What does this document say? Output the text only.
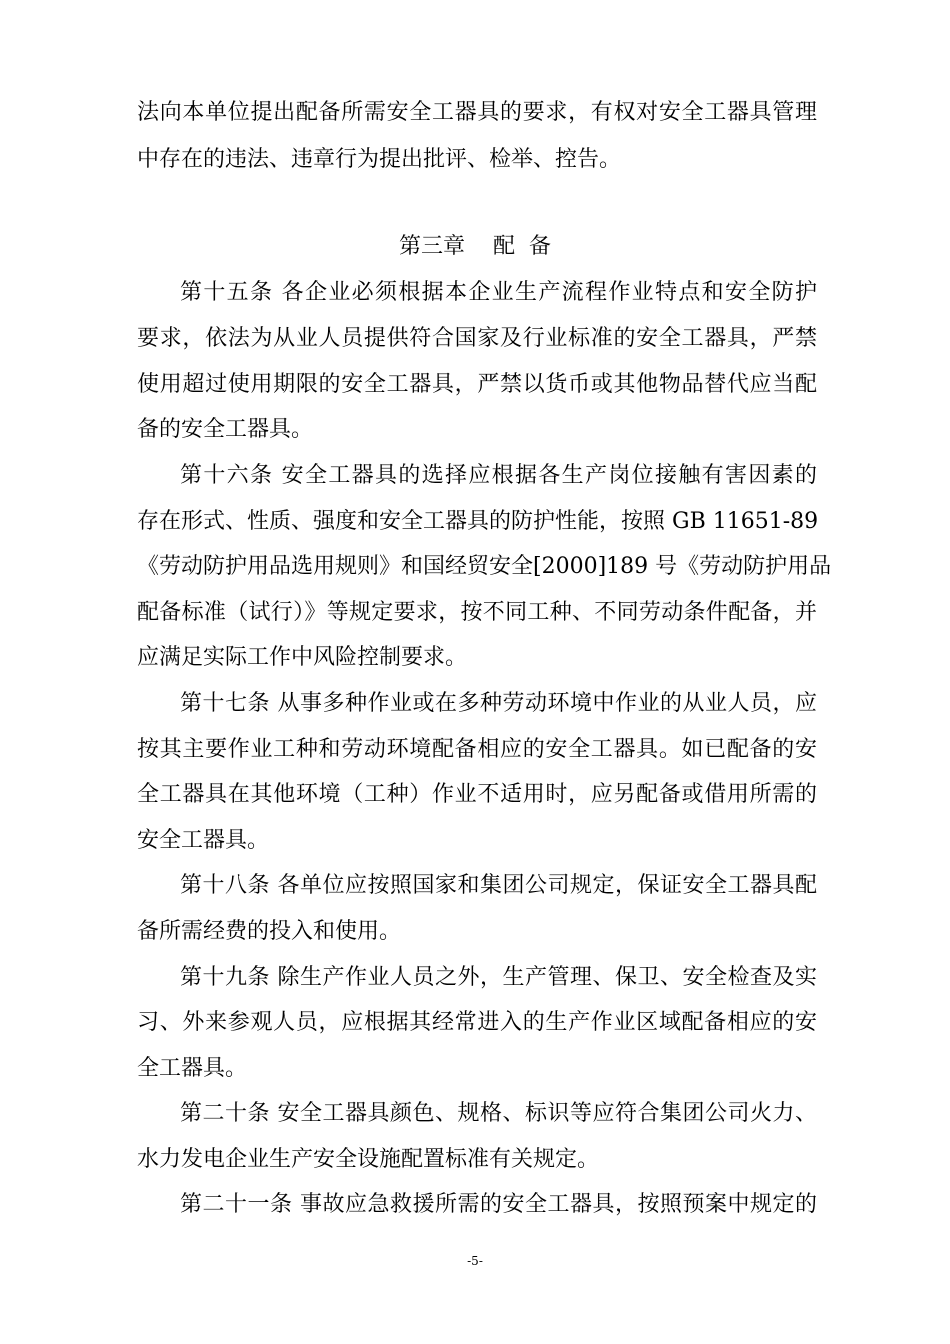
法向本单位提出配备所需安全工器具的要求，有权对安全工器具管理
中存在的违法、违章行为提出批评、检举、控告。
第三章    配  备
第十五条 各企业必须根据本企业生产流程作业特点和安全防护
要求，依法为从业人员提供符合国家及行业标准的安全工器具，严禁
使用超过使用期限的安全工器具，严禁以货币或其他物品替代应当配
备的安全工器具。
第十六条 安全工器具的选择应根据各生产岗位接触有害因素的
存在形式、性质、强度和安全工器具的防护性能，按照 GB 11651-89
《劳动防护用品选用规则》和国经贸安全[2000]189 号《劳动防护用品
配备标准（试行）》等规定要求，按不同工种、不同劳动条件配备，并
应满足实际工作中风险控制要求。
第十七条 从事多种作业或在多种劳动环境中作业的从业人员，应
按其主要作业工种和劳动环境配备相应的安全工器具。如已配备的安
全工器具在其他环境（工种）作业不适用时，应另配备或借用所需的
安全工器具。
第十八条 各单位应按照国家和集团公司规定，保证安全工器具配
备所需经费的投入和使用。
第十九条 除生产作业人员之外，生产管理、保卫、安全检查及实
习、外来参观人员，应根据其经常进入的生产作业区域配备相应的安
全工器具。
第二十条 安全工器具颜色、规格、标识等应符合集团公司火力、
水力发电企业生产安全设施配置标准有关规定。
第二十一条 事故应急救援所需的安全工器具，按照预案中规定的
-5-
